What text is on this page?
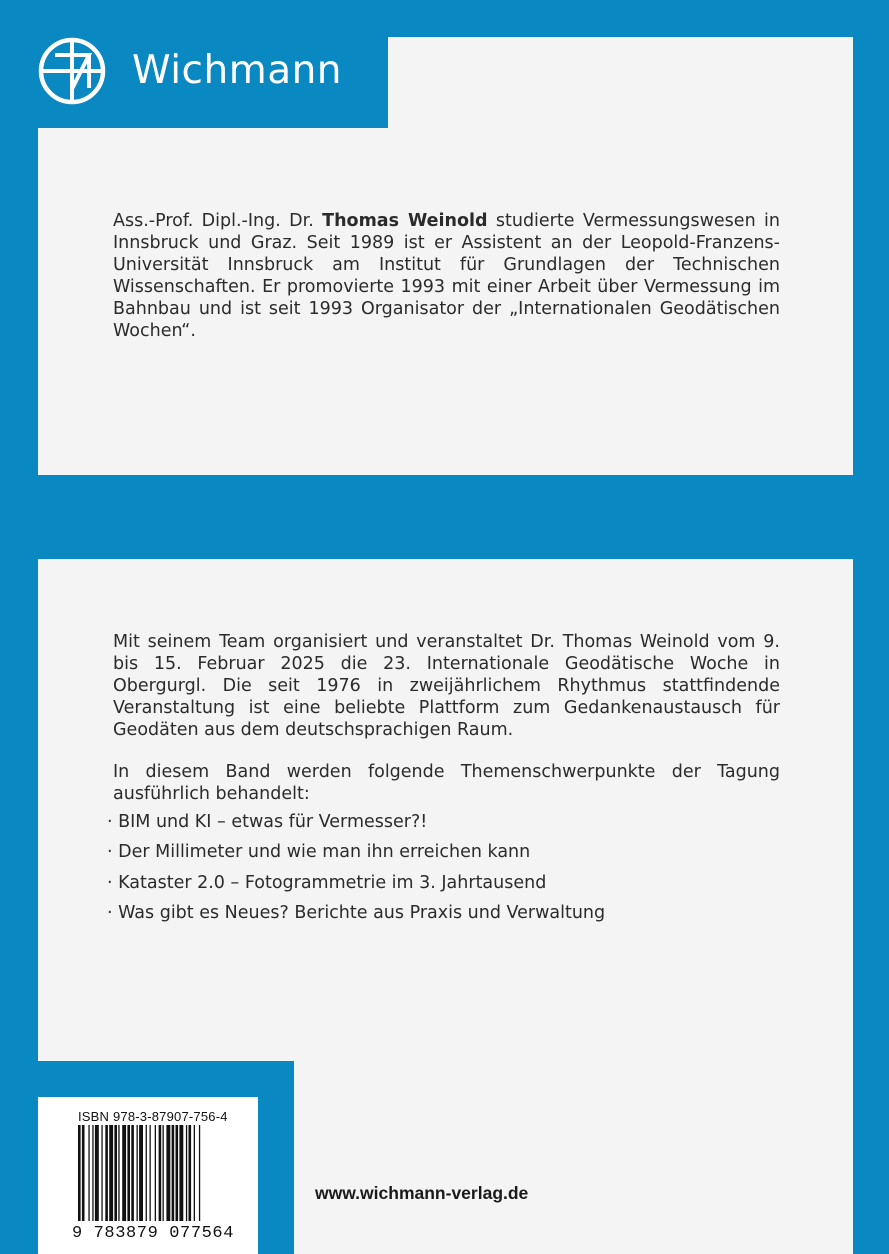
Wichmann
Ass.-Prof. Dipl.-Ing. Dr. Thomas Weinold studierte Vermessungswesen in Innsbruck und Graz. Seit 1989 ist er Assistent an der Leopold-Franzens-Universität Innsbruck am Institut für Grundlagen der Technischen Wissenschaften. Er promovierte 1993 mit einer Arbeit über Vermessung im Bahnbau und ist seit 1993 Organisator der „Internationalen Geodätischen Wochen“.
Mit seinem Team organisiert und veranstaltet Dr. Thomas Weinold vom 9. bis 15. Februar 2025 die 23. Internationale Geodätische Woche in Obergurgl. Die seit 1976 in zweijährlichem Rhythmus stattfindende Veranstaltung ist eine beliebte Plattform zum Gedankenaustausch für Geodäten aus dem deutschsprachigen Raum.
In diesem Band werden folgende Themenschwerpunkte der Tagung ausführlich behandelt:
· BIM und KI – etwas für Vermesser?!
· Der Millimeter und wie man ihn erreichen kann
· Kataster 2.0 – Fotogrammetrie im 3. Jahrtausend
· Was gibt es Neues? Berichte aus Praxis und Verwaltung
ISBN 978-3-87907-756-4
9 783879 077564
www.wichmann-verlag.de
